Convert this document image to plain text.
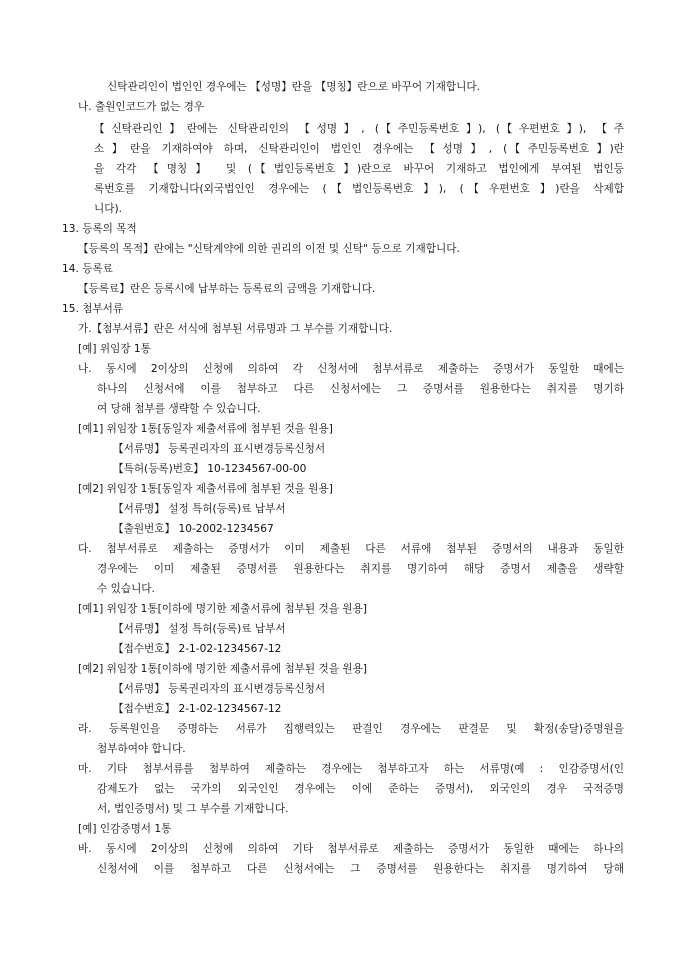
신탁관리인이 법인인 경우에는 【성명】란을 【명칭】란으로 바꾸어 기재합니다.
나. 출원인코드가 없는 경우
【신탁관리인】란에는 신탁관리인의 【성명】, (【주민등록번호】), (【우편번호】), 【주
소】란을 기재하여야 하며, 신탁관리인이 법인인 경우에는 【성명】, (【주민등록번호】)란
을 각각 【명칭】 및 (【법인등록번호】)란으로 바꾸어 기재하고 법인에게 부여된 법인등
록번호를 기재합니다(외국법인인 경우에는 (【법인등록번호】), (【우편번호】)란을 삭제합
니다).
13. 등록의 목적
【등록의 목적】란에는 "신탁계약에 의한 권리의 이전 및 신탁" 등으로 기재합니다.
14. 등록료
【등록료】란은 등록시에 납부하는 등록료의 금액을 기재합니다.
15. 첨부서류
가.【첨부서류】란은 서식에 첨부된 서류명과 그 부수를 기재합니다.
[예] 위임장 1통
나. 동시에 2이상의 신청에 의하여 각 신청서에 첨부서류로 제출하는 증명서가 동일한 때에는
하나의 신청서에 이를 첨부하고 다른 신청서에는 그 증명서를 원용한다는 취지를 명기하
여 당해 첨부를 생략할 수 있습니다.
[예1] 위임장 1통[동일자 제출서류에 첨부된 것을 원용]
【서류명】 등록권리자의 표시변경등록신청서
【특허(등록)번호】 10-1234567-00-00
[예2] 위임장 1통[동일자 제출서류에 첨부된 것을 원용]
【서류명】 설정 특허(등록)료 납부서
【출원번호】 10-2002-1234567
다. 첨부서류로 제출하는 증명서가 이미 제출된 다른 서류에 첨부된 증명서의 내용과 동일한
경우에는 이미 제출된 증명서를 원용한다는 취지를 명기하여 해당 증명서 제출을 생략할
수 있습니다.
[예1] 위임장 1통[이하에 명기한 제출서류에 첨부된 것을 원용]
【서류명】 설정 특허(등록)료 납부서
【접수번호】 2-1-02-1234567-12
[예2] 위임장 1통[이하에 명기한 제출서류에 첨부된 것을 원용]
【서류명】 등록권리자의 표시변경등록신청서
【접수번호】 2-1-02-1234567-12
라. 등록원인을 증명하는 서류가 집행력있는 판결인 경우에는 판결문 및 확정(송달)증명원을
첨부하여야 합니다.
마. 기타 첨부서류를 첨부하여 제출하는 경우에는 첨부하고자 하는 서류명(예 : 인감증명서(인
감제도가 없는 국가의 외국인인 경우에는 이에 준하는 증명서), 외국인의 경우 국적증명
서, 법인증명서) 및 그 부수를 기재합니다.
[예] 인감증명서 1통
바. 동시에 2이상의 신청에 의하여 기타 첨부서류로 제출하는 증명서가 동일한 때에는 하나의
신청서에 이를 첨부하고 다른 신청서에는 그 증명서를 원용한다는 취지를 명기하여 당해
